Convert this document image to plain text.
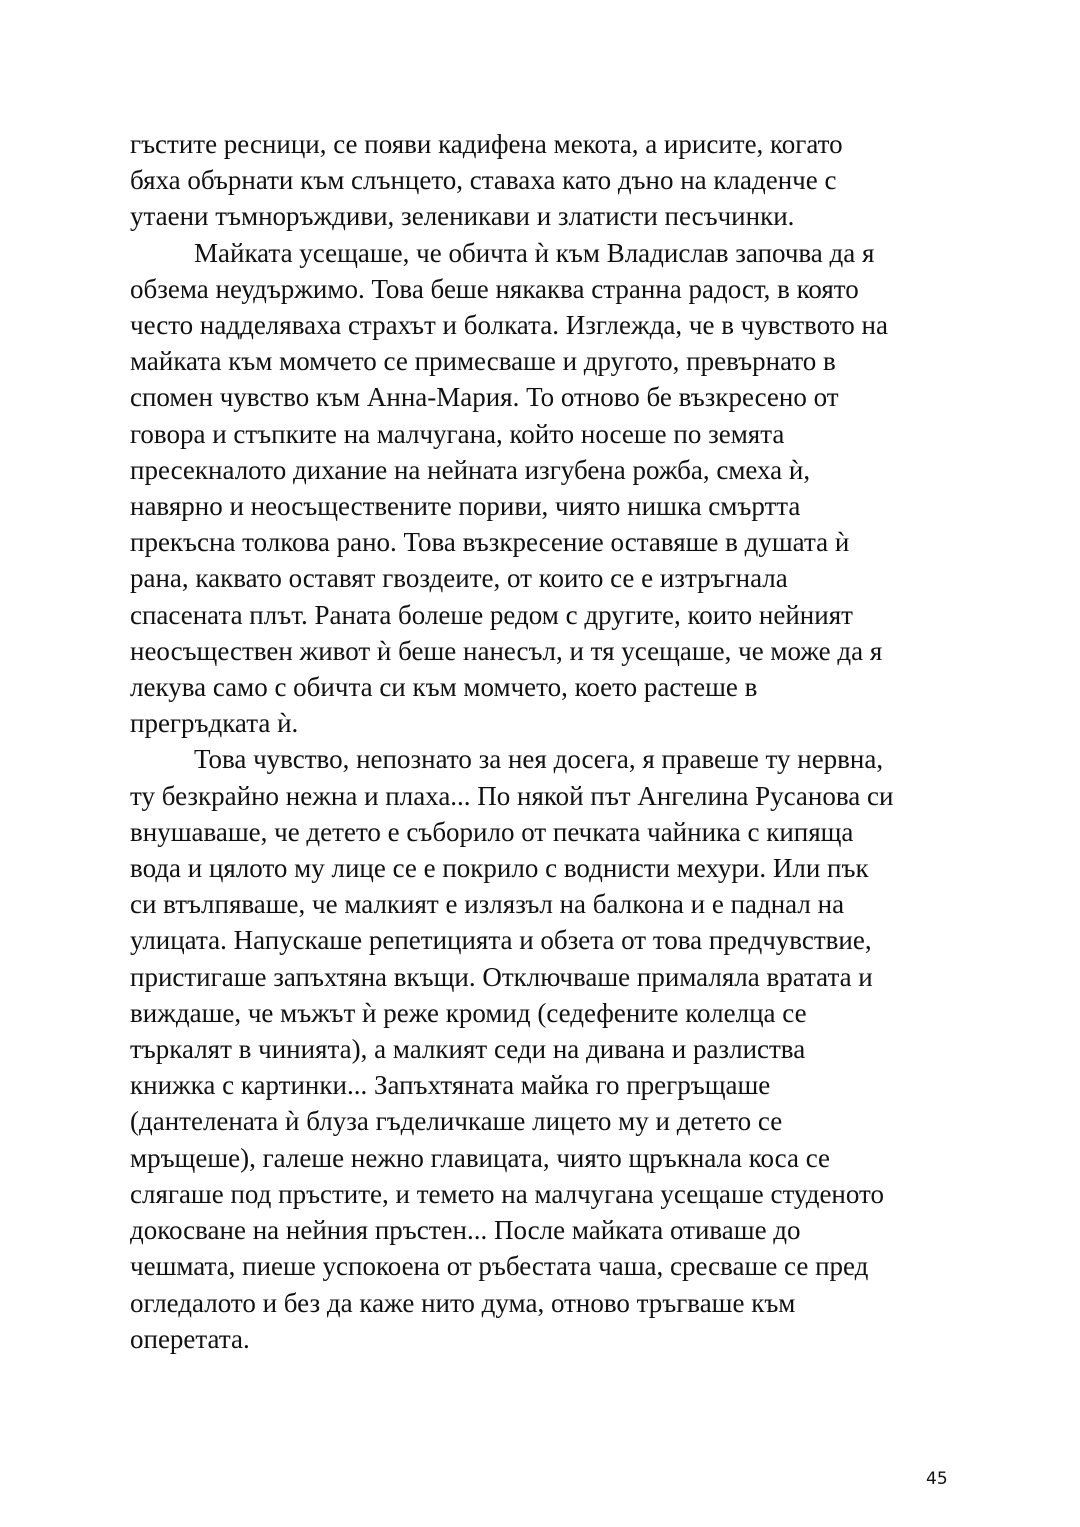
гъстите ресници, се появи кадифена мекота, а ирисите, когато
бяха обърнати към слънцето, ставаха като дъно на кладенче с
утаени тъмноръждиви, зеленикави и златисти песъчинки.
Майката усещаше, че обичта ѝ към Владислав започва да я
обзема неудържимо. Това беше някаква странна радост, в която
често надделяваха страхът и болката. Изглежда, че в чувството на
майката към момчето се примесваше и другото, превърнато в
спомен чувство към Анна-Мария. То отново бе възкресено от
говора и стъпките на малчугана, който носеше по земята
пресекналото дихание на нейната изгубена рожба, смеха ѝ,
навярно и неосъществените пориви, чиято нишка смъртта
прекъсна толкова рано. Това възкресение оставяше в душата ѝ
рана, каквато оставят гвоздеите, от които се е изтръгнала
спасената плът. Раната болеше редом с другите, които нейният
неосъществен живот ѝ беше нанесъл, и тя усещаше, че може да я
лекува само с обичта си към момчето, което растеше в
прегръдката ѝ.
Това чувство, непознато за нея досега, я правеше ту нервна,
ту безкрайно нежна и плаха... По някой път Ангелина Русанова си
внушаваше, че детето е съборило от печката чайника с кипяща
вода и цялото му лице се е покрило с воднисти мехури. Или пък
си втълпяваше, че малкият е излязъл на балкона и е паднал на
улицата. Напускаше репетицията и обзета от това предчувствие,
пристигаше запъхтяна вкъщи. Отключваше прималяла вратата и
виждаше, че мъжът ѝ реже кромид (седефените колелца се
търкалят в чинията), а малкият седи на дивана и разлиства
книжка с картинки... Запъхтяната майка го прегръщаше
(дантелената ѝ блуза гъделичкаше лицето му и детето се
мръщеше), галеше нежно главицата, чиято щръкнала коса се
слягаше под пръстите, и темето на малчугана усещаше студеното
докосване на нейния пръстен... После майката отиваше до
чешмата, пиеше успокоена от ръбестата чаша, сресваше се пред
огледалото и без да каже нито дума, отново тръгваше към
оперетата.
45
